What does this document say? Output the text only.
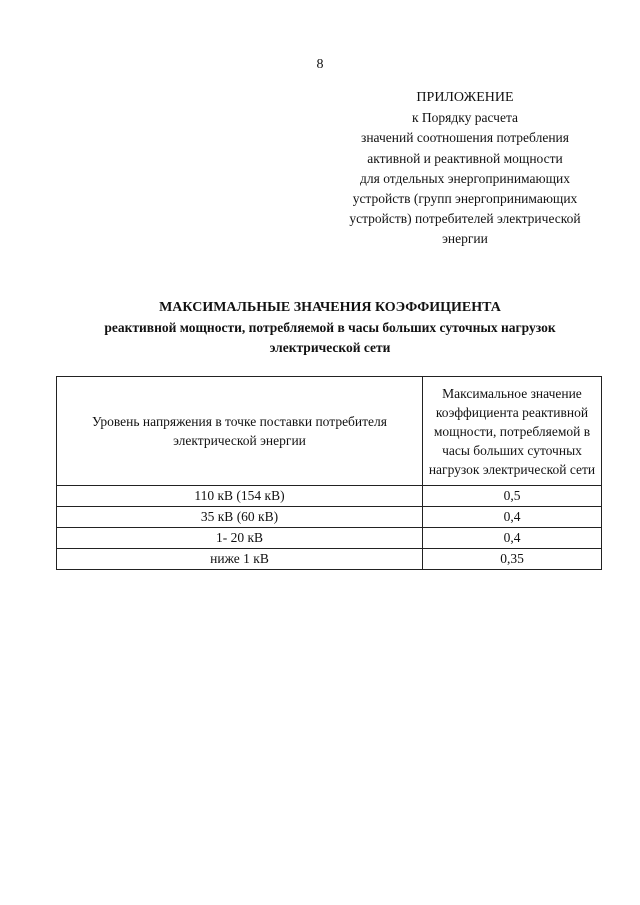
8
ПРИЛОЖЕНИЕ
к Порядку расчета
значений соотношения потребления
активной и реактивной мощности
для отдельных энергопринимающих
устройств (групп энергопринимающих
устройств) потребителей электрической
энергии
МАКСИМАЛЬНЫЕ ЗНАЧЕНИЯ КОЭФФИЦИЕНТА
реактивной мощности, потребляемой в часы больших суточных нагрузок
электрической сети
Уровень напряжения в точке поставки потребителя электрической энергии	Максимальное значение коэффициента реактивной мощности, потребляемой в часы больших суточных нагрузок электрической сети
110 кВ (154 кВ)	0,5
35 кВ (60 кВ)	0,4
1- 20 кВ	0,4
ниже 1 кВ	0,35
